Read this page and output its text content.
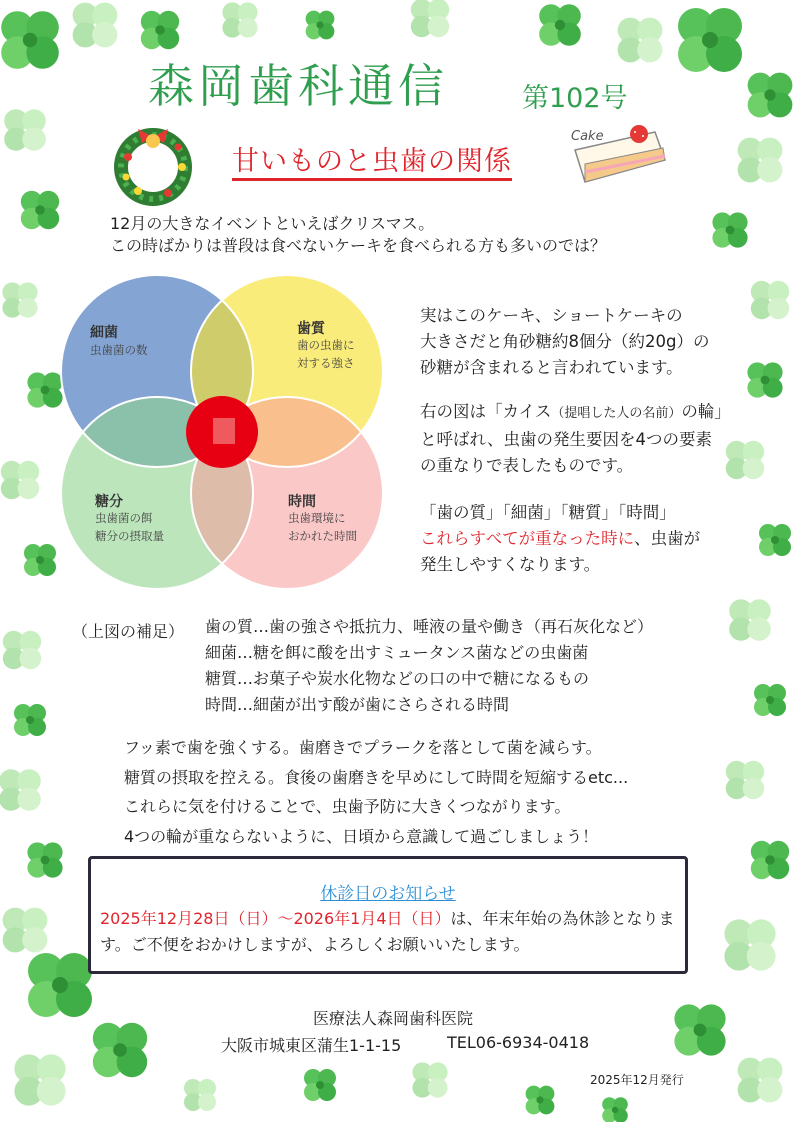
森岡歯科通信	第102号
甘いものと虫歯の関係
Cake
12月の大きなイベントといえばクリスマス。
この時ばかりは普段は食べないケーキを食べられる方も多いのでは？
細菌
虫歯菌の数
歯質
歯の虫歯に
対する強さ
糖分
虫歯菌の餌
糖分の摂取量
時間
虫歯環境に
おかれた時間
実はこのケーキ、ショートケーキの
大きさだと角砂糖約8個分（約20g）の
砂糖が含まれると言われています。
右の図は「カイス（提唱した人の名前）の輪」
と呼ばれ、虫歯の発生要因を4つの要素
の重なりで表したものです。
「歯の質」「細菌」「糖質」「時間」
これらすべてが重なった時に、虫歯が
発生しやすくなります。
（上図の補足） 歯の質…歯の強さや抵抗力、唾液の量や働き（再石灰化など）
細菌…糖を餌に酸を出すミュータンス菌などの虫歯菌
糖質…お菓子や炭水化物などの口の中で糖になるもの
時間…細菌が出す酸が歯にさらされる時間
フッ素で歯を強くする。歯磨きでプラークを落として菌を減らす。
糖質の摂取を控える。食後の歯磨きを早めにして時間を短縮するetc...
これらに気を付けることで、虫歯予防に大きくつながります。
4つの輪が重ならないように、日頃から意識して過ごしましょう！
休診日のお知らせ
2025年12月28日（日）～2026年1月4日（日）は、年末年始の為休診となりま
す。ご不便をおかけしますが、よろしくお願いいたします。
医療法人森岡歯科医院
大阪市城東区蒲生1-1-15	TEL06-6934-0418
2025年12月発行
